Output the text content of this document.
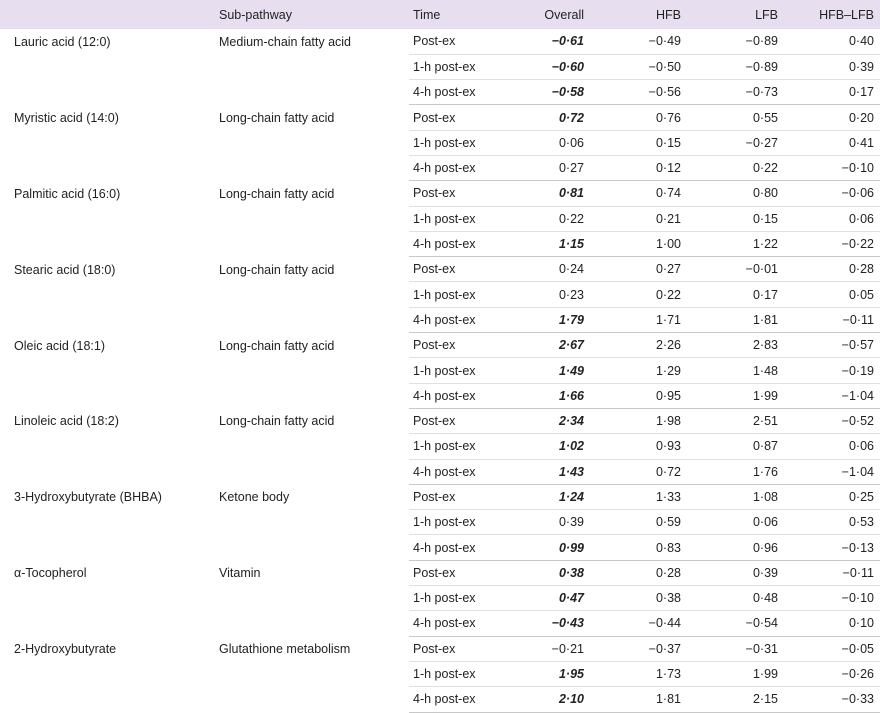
	Sub-pathway	Time	Overall	HFB	LFB	HFB–LFB
Lauric acid (12:0)	Medium-chain fatty acid	Post-ex	−0·61	−0·49	−0·89	0·40
		1-h post-ex	−0·60	−0·50	−0·89	0·39
		4-h post-ex	−0·58	−0·56	−0·73	0·17
Myristic acid (14:0)	Long-chain fatty acid	Post-ex	0·72	0·76	0·55	0·20
		1-h post-ex	0·06	0·15	−0·27	0·41
		4-h post-ex	0·27	0·12	0·22	−0·10
Palmitic acid (16:0)	Long-chain fatty acid	Post-ex	0·81	0·74	0·80	−0·06
		1-h post-ex	0·22	0·21	0·15	0·06
		4-h post-ex	1·15	1·00	1·22	−0·22
Stearic acid (18:0)	Long-chain fatty acid	Post-ex	0·24	0·27	−0·01	0·28
		1-h post-ex	0·23	0·22	0·17	0·05
		4-h post-ex	1·79	1·71	1·81	−0·11
Oleic acid (18:1)	Long-chain fatty acid	Post-ex	2·67	2·26	2·83	−0·57
		1-h post-ex	1·49	1·29	1·48	−0·19
		4-h post-ex	1·66	0·95	1·99	−1·04
Linoleic acid (18:2)	Long-chain fatty acid	Post-ex	2·34	1·98	2·51	−0·52
		1-h post-ex	1·02	0·93	0·87	0·06
		4-h post-ex	1·43	0·72	1·76	−1·04
3-Hydroxybutyrate (BHBA)	Ketone body	Post-ex	1·24	1·33	1·08	0·25
		1-h post-ex	0·39	0·59	0·06	0·53
		4-h post-ex	0·99	0·83	0·96	−0·13
α-Tocopherol	Vitamin	Post-ex	0·38	0·28	0·39	−0·11
		1-h post-ex	0·47	0·38	0·48	−0·10
		4-h post-ex	−0·43	−0·44	−0·54	0·10
2-Hydroxybutyrate	Glutathione metabolism	Post-ex	−0·21	−0·37	−0·31	−0·05
		1-h post-ex	1·95	1·73	1·99	−0·26
		4-h post-ex	2·10	1·81	2·15	−0·33
